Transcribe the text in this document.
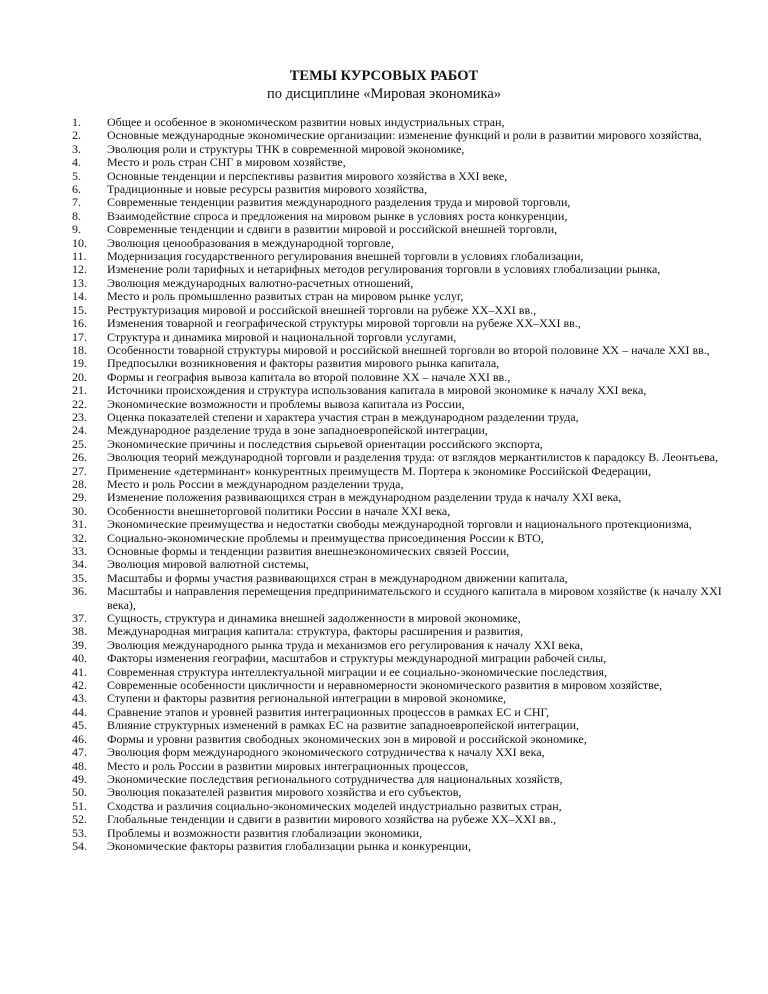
ТЕМЫ КУРСОВЫХ РАБОТ
по дисциплине «Мировая экономика»
1. Общее и особенное в экономическом развитии новых индустриальных стран,
2. Основные международные экономические организации: изменение функций и роли в развитии мирового хозяйства,
3. Эволюция роли и структуры ТНК в современной мировой экономике,
4. Место и роль стран СНГ в мировом хозяйстве,
5. Основные тенденции и перспективы развития мирового хозяйства в XXI веке,
6. Традиционные и новые ресурсы развития мирового хозяйства,
7. Современные тенденции развития международного разделения труда и мировой торговли,
8. Взаимодействие спроса и предложения на мировом рынке в условиях роста конкуренции,
9. Современные тенденции и сдвиги в развитии мировой и российской внешней торговли,
10. Эволюция ценообразования в международной торговле,
11. Модернизация государственного регулирования внешней торговли в условиях глобализации,
12. Изменение роли тарифных и нетарифных методов регулирования торговли в условиях глобализации рынка,
13. Эволюция международных валютно-расчетных отношений,
14. Место и роль промышленно развитых стран на мировом рынке услуг,
15. Реструктуризация мировой и российской внешней торговли на рубеже XX–XXI вв.,
16. Изменения товарной и географической структуры мировой торговли на рубеже XX–XXI вв.,
17. Структура и динамика мировой и национальной торговли услугами,
18. Особенности товарной структуры мировой и российской внешней торговли во второй половине XX – начале XXI вв.,
19. Предпосылки возникновения и факторы развития мирового рынка капитала,
20. Формы и география вывоза капитала во второй половине XX – начале XXI вв.,
21. Источники происхождения и структура использования капитала в мировой экономике к началу XXI века,
22. Экономические возможности и проблемы вывоза капитала из России,
23. Оценка показателей степени и характера участия стран в международном разделении труда,
24. Международное разделение труда в зоне западноевропейской интеграции,
25. Экономические причины и последствия сырьевой ориентации российского экспорта,
26. Эволюция теорий международной торговли и разделения труда: от взглядов меркантилистов к парадоксу В. Леонтьева,
27. Применение «детерминант» конкурентных преимуществ М. Портера к экономике Российской Федерации,
28. Место и роль России в международном разделении труда,
29. Изменение положения развивающихся стран в международном разделении труда к началу XXI века,
30. Особенности внешнеторговой политики России в начале XXI века,
31. Экономические преимущества и недостатки свободы международной торговли и национального протекционизма,
32. Социально-экономические проблемы и преимущества присоединения России к ВТО,
33. Основные формы и тенденции развития внешнеэкономических связей России,
34. Эволюция мировой валютной системы,
35. Масштабы и формы участия развивающихся стран в международном движении капитала,
36. Масштабы и направления перемещения предпринимательского и ссудного капитала в мировом хозяйстве (к началу XXI века),
37. Сущность, структура и динамика внешней задолженности в мировой экономике,
38. Международная миграция капитала: структура, факторы расширения и развития,
39. Эволюция международного рынка труда и механизмов его регулирования к началу XXI века,
40. Факторы изменения географии, масштабов и структуры международной миграции рабочей силы,
41. Современная структура интеллектуальной миграции и ее социально-экономические последствия,
42. Современные особенности цикличности и неравномерности экономического развития в мировом хозяйстве,
43. Ступени и факторы развития региональной интеграции в мировой экономике,
44. Сравнение этапов и уровней развития интеграционных процессов в рамках ЕС и СНГ,
45. Влияние структурных изменений в рамках ЕС на развитие западноевропейской интеграции,
46. Формы и уровни развития свободных экономических зон в мировой и российской экономике,
47. Эволюция форм международного экономического сотрудничества к началу XXI века,
48. Место и роль России в развитии мировых интеграционных процессов,
49. Экономические последствия регионального сотрудничества для национальных хозяйств,
50. Эволюция показателей развития мирового хозяйства и его субъектов,
51. Сходства и различия социально-экономических моделей индустриально развитых стран,
52. Глобальные тенденции и сдвиги в развитии мирового хозяйства на рубеже XX–XXI вв.,
53. Проблемы и возможности развития глобализации экономики,
54. Экономические факторы развития глобализации рынка и конкуренции,
